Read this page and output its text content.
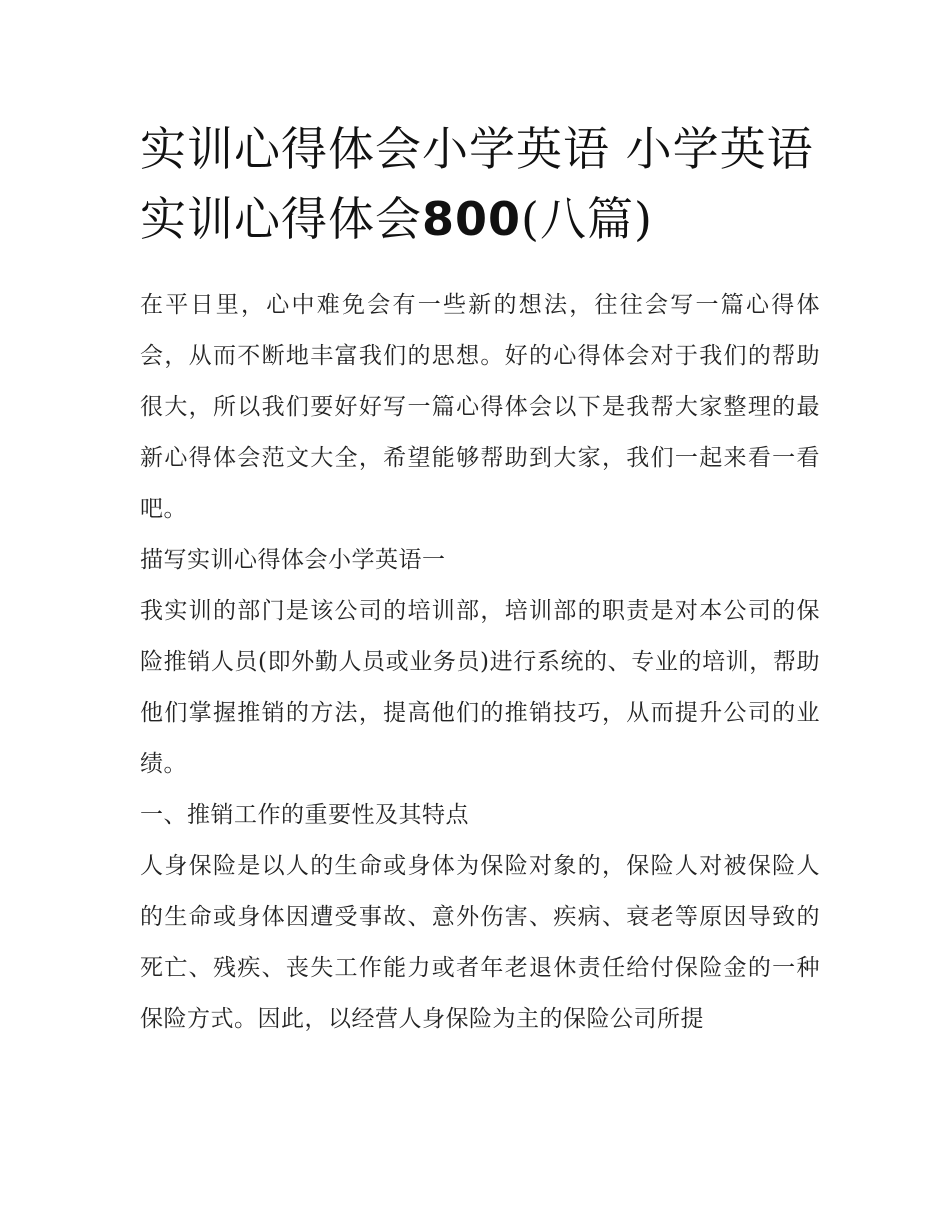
实训心得体会小学英语 小学英语实训心得体会800(八篇)

在平日里，心中难免会有一些新的想法，往往会写一篇心得体会，从而不断地丰富我们的思想。好的心得体会对于我们的帮助很大，所以我们要好好写一篇心得体会以下是我帮大家整理的最新心得体会范文大全，希望能够帮助到大家，我们一起来看一看吧。

描写实训心得体会小学英语一

我实训的部门是该公司的培训部，培训部的职责是对本公司的保险推销人员(即外勤人员或业务员)进行系统的、专业的培训，帮助他们掌握推销的方法，提高他们的推销技巧，从而提升公司的业绩。

一、推销工作的重要性及其特点

人身保险是以人的生命或身体为保险对象的，保险人对被保险人的生命或身体因遭受事故、意外伤害、疾病、衰老等原因导致的死亡、残疾、丧失工作能力或者年老退休责任给付保险金的一种保险方式。因此，以经营人身保险为主的保险公司所提
